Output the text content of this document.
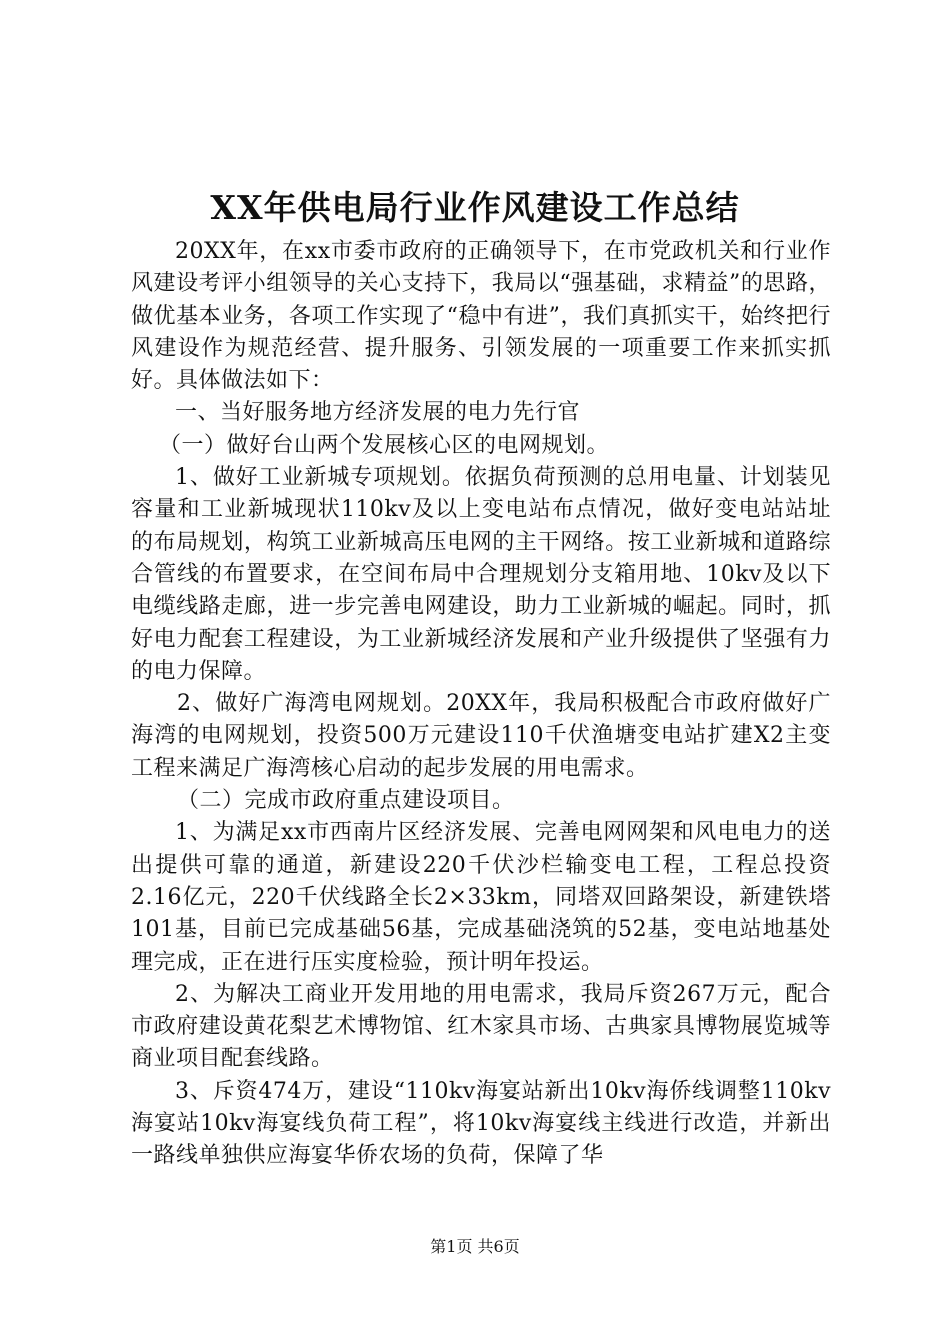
XX年供电局行业作风建设工作总结

20XX年，在xx市委市政府的正确领导下，在市党政机关和行业作风建设考评小组领导的关心支持下，我局以“强基础，求精益”的思路，做优基本业务，各项工作实现了“稳中有进”，我们真抓实干，始终把行风建设作为规范经营、提升服务、引领发展的一项重要工作来抓实抓好。具体做法如下：

一、当好服务地方经济发展的电力先行官

（一）做好台山两个发展核心区的电网规划。

1、做好工业新城专项规划。依据负荷预测的总用电量、计划装见容量和工业新城现状110kv及以上变电站布点情况，做好变电站站址的布局规划，构筑工业新城高压电网的主干网络。按工业新城和道路综合管线的布置要求，在空间布局中合理规划分支箱用地、10kv及以下电缆线路走廊，进一步完善电网建设，助力工业新城的崛起。同时，抓好电力配套工程建设，为工业新城经济发展和产业升级提供了坚强有力的电力保障。

2、做好广海湾电网规划。20XX年，我局积极配合市政府做好广海湾的电网规划，投资500万元建设110千伏渔塘变电站扩建X2主变工程来满足广海湾核心启动的起步发展的用电需求。

（二）完成市政府重点建设项目。

1、为满足xx市西南片区经济发展、完善电网网架和风电电力的送出提供可靠的通道，新建设220千伏沙栏输变电工程，工程总投资2.16亿元，220千伏线路全长2×33km，同塔双回路架设，新建铁塔101基，目前已完成基础56基，完成基础浇筑的52基，变电站地基处理完成，正在进行压实度检验，预计明年投运。

2、为解决工商业开发用地的用电需求，我局斥资267万元，配合市政府建设黄花梨艺术博物馆、红木家具市场、古典家具博物展览城等商业项目配套线路。

3、斥资474万，建设“110kv海宴站新出10kv海侨线调整110kv海宴站10kv海宴线负荷工程”，将10kv海宴线主线进行改造，并新出一路线单独供应海宴华侨农场的负荷，保障了华

第1页 共6页
